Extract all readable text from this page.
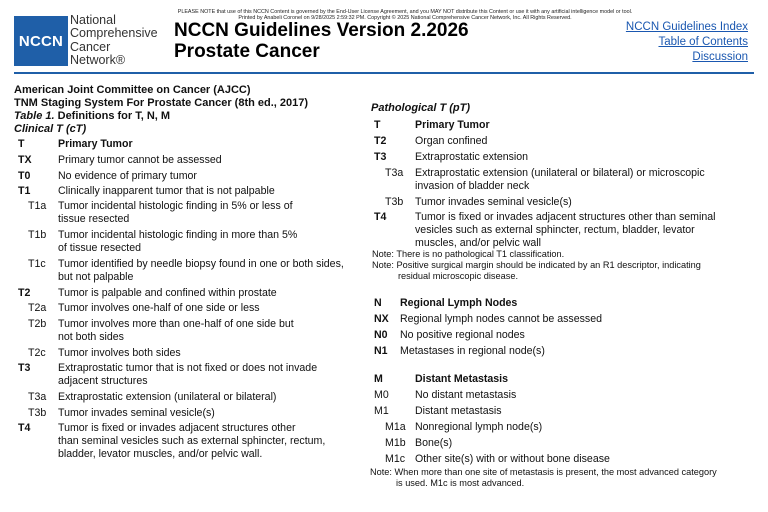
PLEASE NOTE that use of this NCCN Content is governed by the End-User License Agreement, and you MAY NOT distribute this Content or use it with any artificial intelligence model or tool.
Printed by Anabeli Coronel on 9/28/2025 2:59:32 PM. Copyright © 2025 National Comprehensive Cancer Network, Inc. All Rights Reserved.
NCCN
National
Comprehensive
Cancer
Network®
NCCN Guidelines Version 2.2026
Prostate Cancer
NCCN Guidelines Index
Table of Contents
Discussion
American Joint Committee on Cancer (AJCC)
TNM Staging System For Prostate Cancer (8th ed., 2017)
Table 1. Definitions for T, N, M
Clinical T (cT)
T	Primary Tumor
TX	Primary tumor cannot be assessed
T0	No evidence of primary tumor
T1	Clinically inapparent tumor that is not palpable
T1a	Tumor incidental histologic finding in 5% or less of
tissue resected
T1b	Tumor incidental histologic finding in more than 5%
of tissue resected
T1c	Tumor identified by needle biopsy found in one or both sides,
but not palpable
T2	Tumor is palpable and confined within prostate
T2a	Tumor involves one-half of one side or less
T2b	Tumor involves more than one-half of one side but
not both sides
T2c	Tumor involves both sides
T3	Extraprostatic tumor that is not fixed or does not invade
adjacent structures
T3a	Extraprostatic extension (unilateral or bilateral)
T3b	Tumor invades seminal vesicle(s)
T4	Tumor is fixed or invades adjacent structures other
than seminal vesicles such as external sphincter, rectum,
bladder, levator muscles, and/or pelvic wall.
Pathological T (pT)
T	Primary Tumor
T2	Organ confined
T3	Extraprostatic extension
T3a	Extraprostatic extension (unilateral or bilateral) or microscopic
invasion of bladder neck
T3b	Tumor invades seminal vesicle(s)
T4	Tumor is fixed or invades adjacent structures other than seminal
vesicles such as external sphincter, rectum, bladder, levator
muscles, and/or pelvic wall
Note: There is no pathological T1 classification.
Note: Positive surgical margin should be indicated by an R1 descriptor, indicating
residual microscopic disease.
N	Regional Lymph Nodes
NX	Regional lymph nodes cannot be assessed
N0	No positive regional nodes
N1	Metastases in regional node(s)
M	Distant Metastasis
M0	No distant metastasis
M1	Distant metastasis
M1a Nonregional lymph node(s)
M1b Bone(s)
M1c Other site(s) with or without bone disease
Note: When more than one site of metastasis is present, the most advanced category
is used. M1c is most advanced.
